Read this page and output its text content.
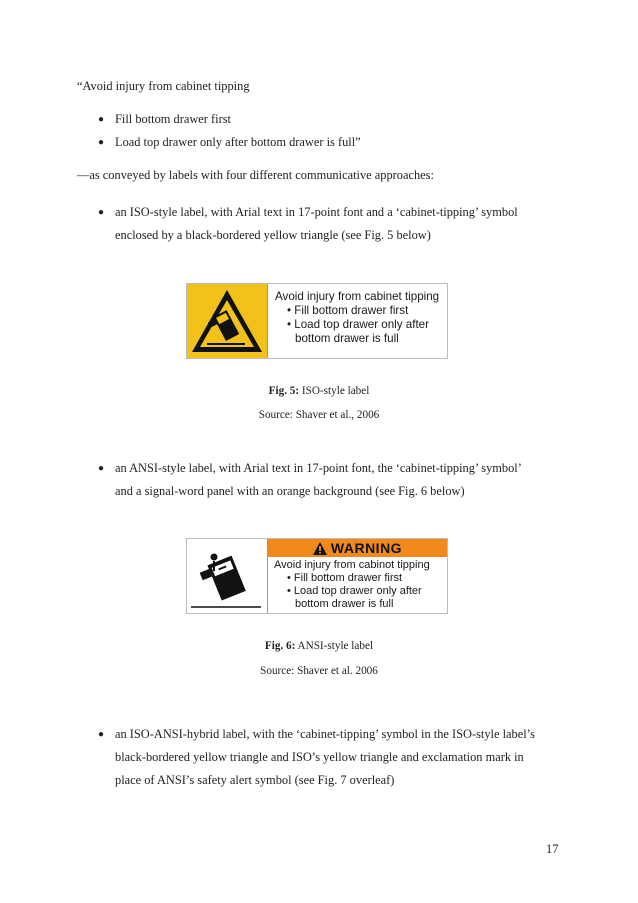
“Avoid injury from cabinet tipping
● Fill bottom drawer first
● Load top drawer only after bottom drawer is full”
—as conveyed by labels with four different communicative approaches:
● an ISO-style label, with Arial text in 17-point font and a ‘cabinet-tipping’ symbol
enclosed by a black-bordered yellow triangle (see Fig. 5 below)
Avoid injury from cabinet tipping
• Fill bottom drawer first
• Load top drawer only after
bottom drawer is full
Fig. 5: ISO-style label
Source: Shaver et al., 2006
● an ANSI-style label, with Arial text in 17-point font, the ‘cabinet-tipping’ symbol’
and a signal-word panel with an orange background (see Fig. 6 below)
WARNING
Avoid injury from cabinot tipping
• Fill bottom drawer first
• Load top drawer only after
bottom drawer is full
Fig. 6: ANSI-style label
Source: Shaver et al. 2006
● an ISO-ANSI-hybrid label, with the ‘cabinet-tipping’ symbol in the ISO-style label’s
black-bordered yellow triangle and ISO’s yellow triangle and exclamation mark in
place of ANSI’s safety alert symbol (see Fig. 7 overleaf)
17
